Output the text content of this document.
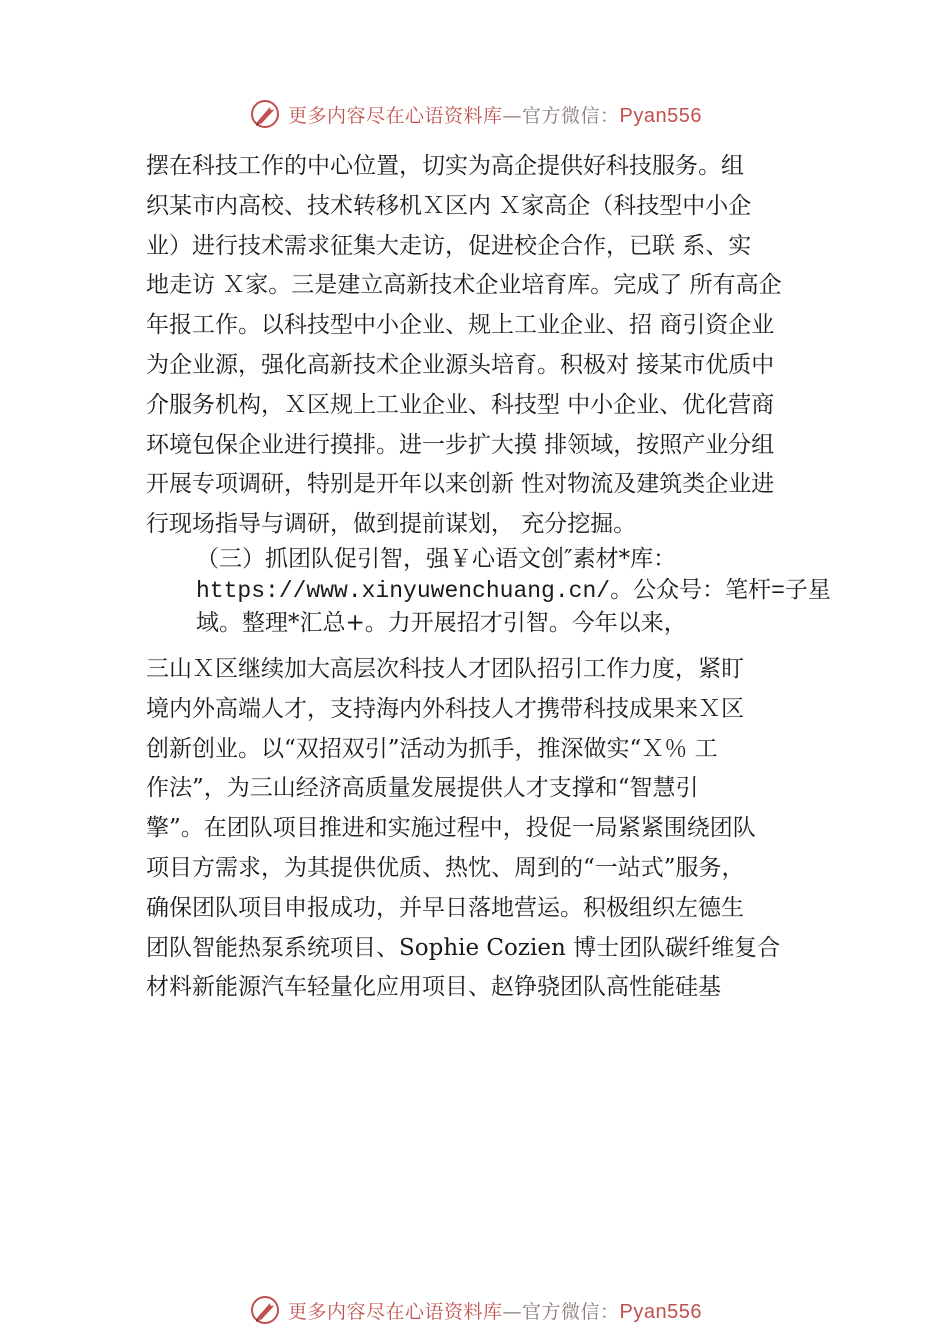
更多内容尽在心语资料库—官方微信：Pyan556
摆在科技工作的中心位置，切实为高企提供好科技服务。组
织某市内高校、技术转移机Ｘ区内 Ｘ家高企（科技型中小企
业）进行技术需求征集大走访，促进校企合作，已联 系、实
地走访 Ｘ家。三是建立高新技术企业培育库。完成了 所有高企
年报工作。以科技型中小企业、规上工业企业、招 商引资企业
为企业源，强化高新技术企业源头培育。积极对 接某市优质中
介服务机构，Ｘ区规上工业企业、科技型 中小企业、优化营商
环境包保企业进行摸排。进一步扩大摸 排领域，按照产业分组
开展专项调研，特别是开年以来创新 性对物流及建筑类企业进
行现场指导与调研，做到提前谋划， 充分挖掘。
（三）抓团队促引智，强￥心语文创″素材*库：
https://www.xinyuwenchuang.cn/。公众号：笔杆=子星
域。整理*汇总+。力开展招才引智。今年以来，
三山Ｘ区继续加大高层次科技人才团队招引工作力度，紧盯
境内外高端人才，支持海内外科技人才携带科技成果来Ｘ区
创新创业。以“双招双引”活动为抓手，推深做实“Ｘ％ 工
作法”，为三山经济高质量发展提供人才支撑和“智慧引
擎”。在团队项目推进和实施过程中，投促一局紧紧围绕团队
项目方需求，为其提供优质、热忱、周到的“一站式”服务，
确保团队项目申报成功，并早日落地营运。积极组织左德生
团队智能热泵系统项目、Sophie Cozien 博士团队碳纤维复合
材料新能源汽车轻量化应用项目、赵铮骁团队高性能硅基
更多内容尽在心语资料库—官方微信：Pyan556
